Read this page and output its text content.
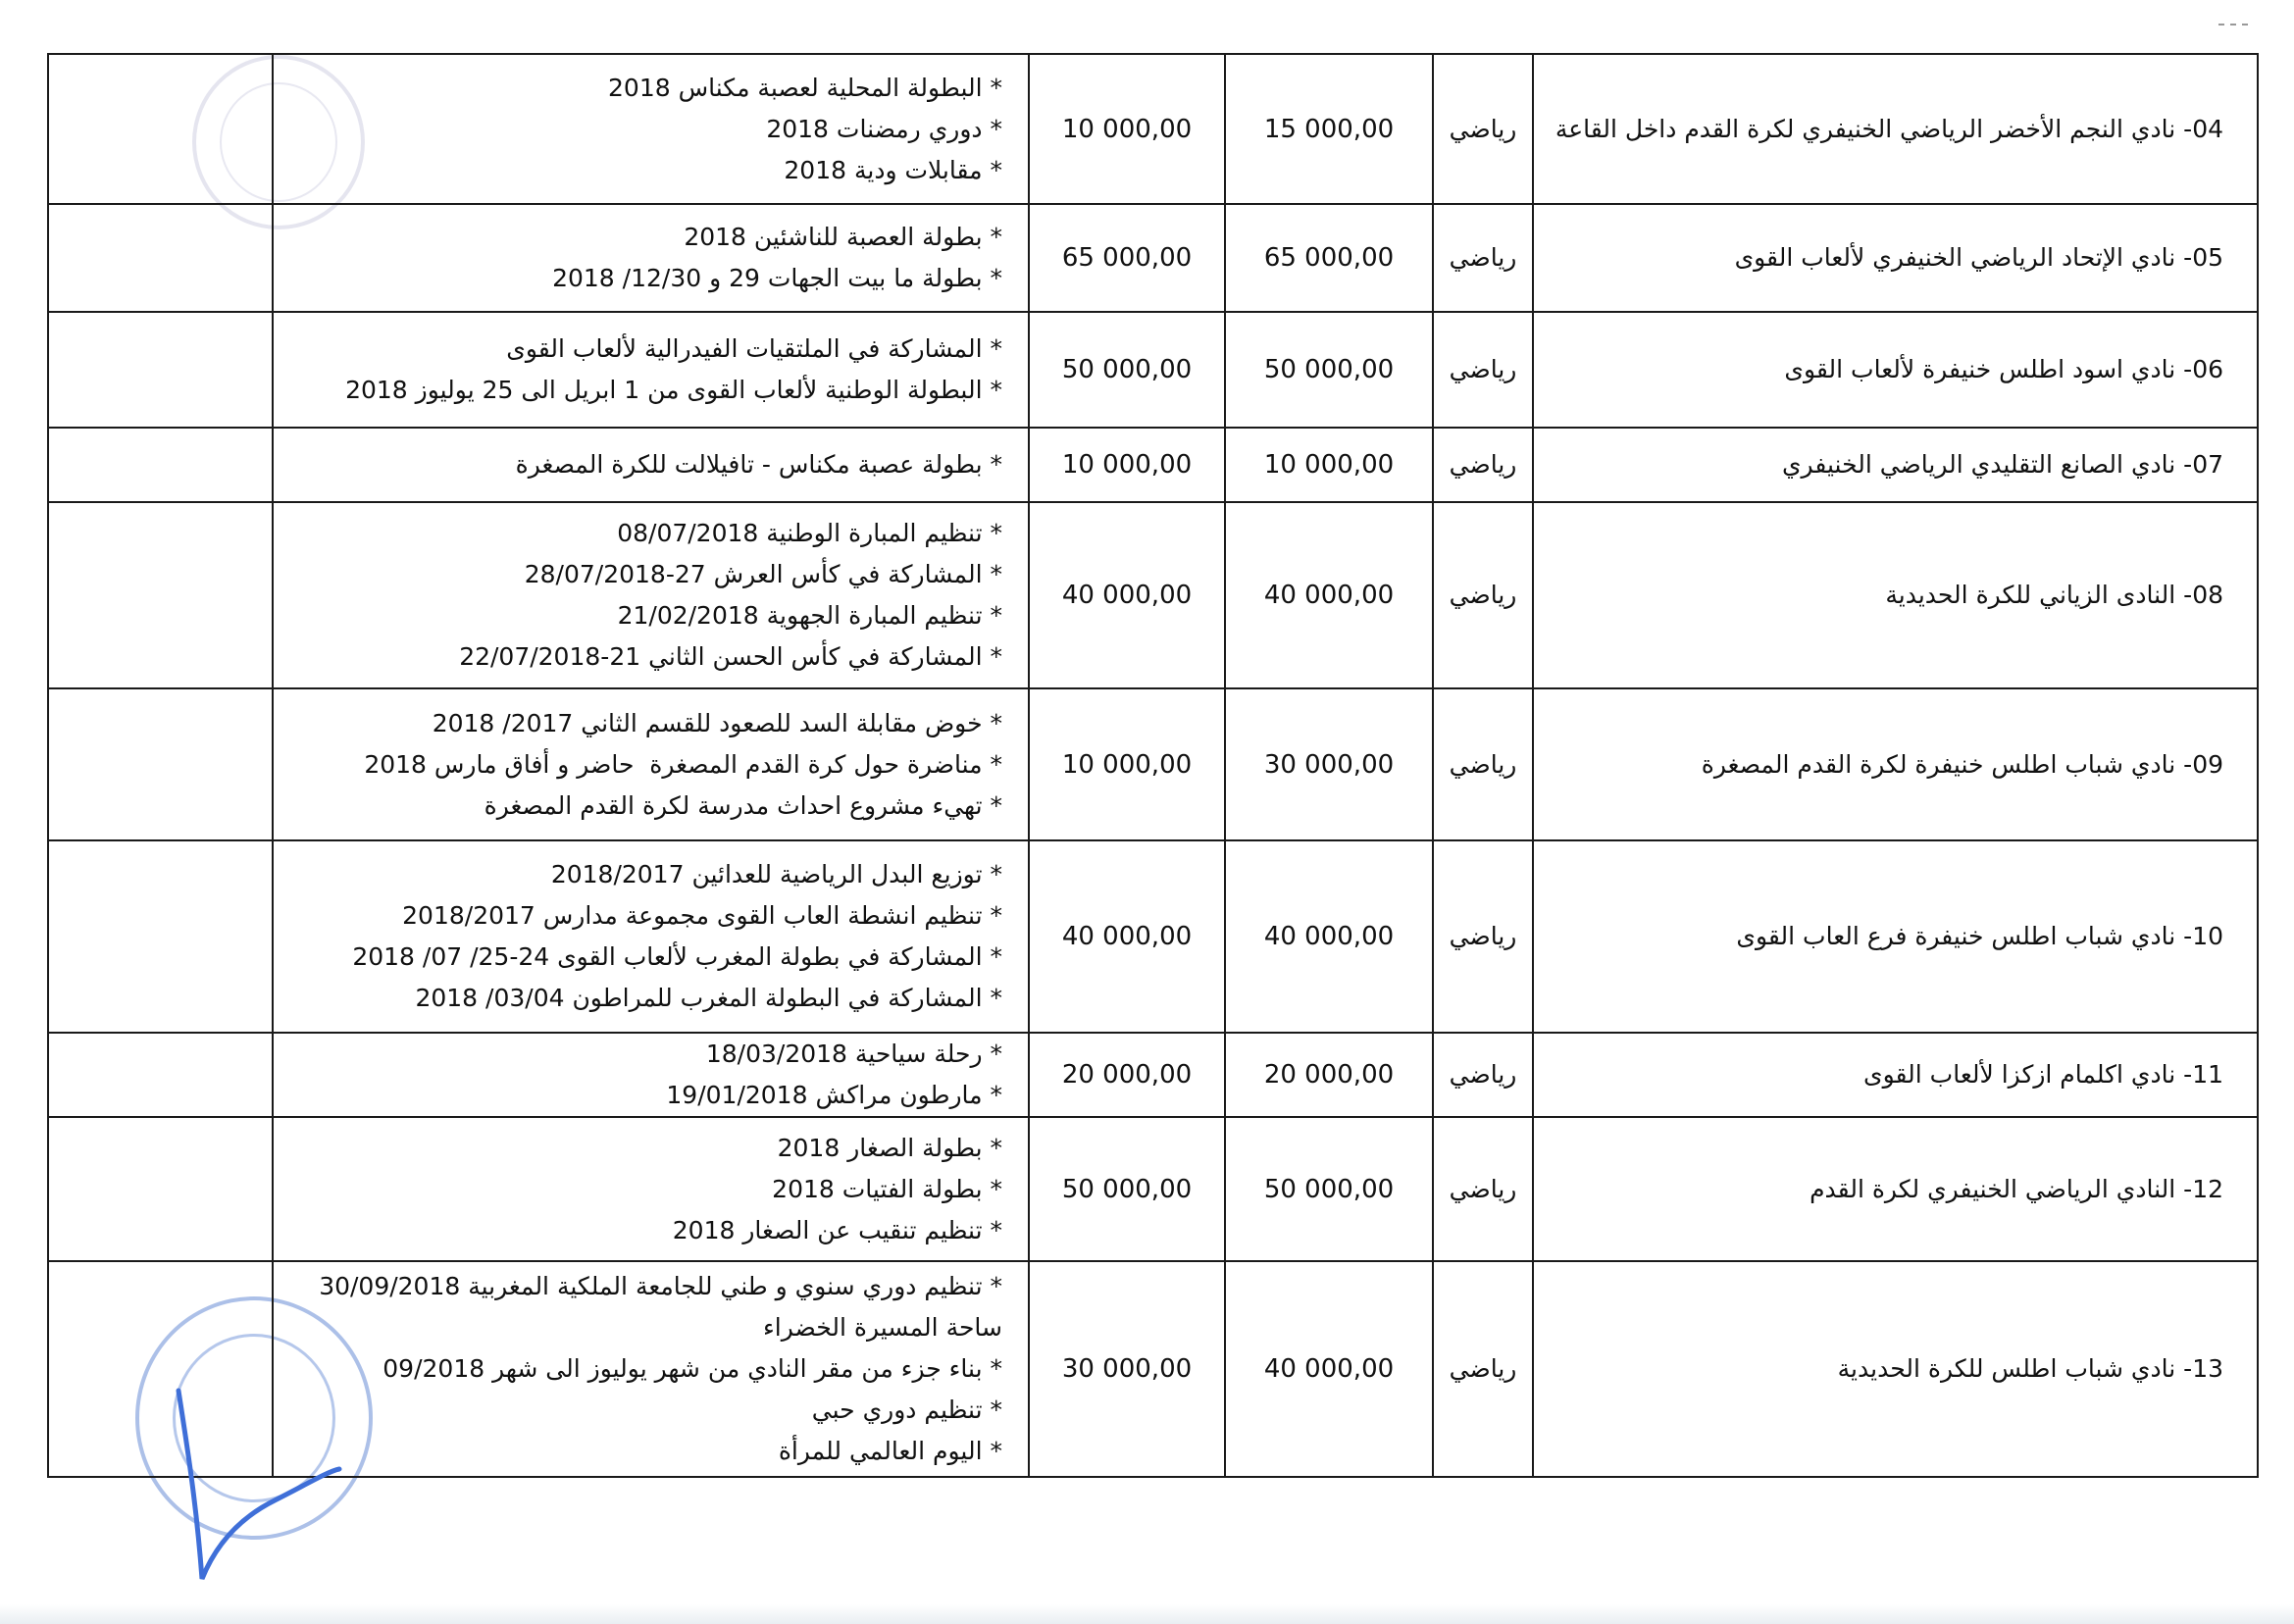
04- نادي النجم الأخضر الرياضي الخنيفري لكرة القدم داخل القاعة	رياضي	15 000,00	10 000,00	* البطولة المحلية لعصبة مكناس 2018
* دوري رمضنات 2018
* مقابلات ودية 2018	

05- نادي الإتحاد الرياضي الخنيفري لألعاب القوى	رياضي	65 000,00	65 000,00	* بطولة العصبة للناشئين 2018
* بطولة ما بيت الجهات 29 و 12/30/ 2018	

06- نادي اسود اطلس خنيفرة لألعاب القوى	رياضي	50 000,00	50 000,00	* المشاركة في الملتقيات الفيدرالية لألعاب القوى
* البطولة الوطنية لألعاب القوى من 1 ابريل الى 25 يوليوز 2018	

07- نادي الصانع التقليدي الرياضي الخنيفري	رياضي	10 000,00	10 000,00	* بطولة عصبة مكناس - تافيلالت للكرة المصغرة	

08- النادى الزياني للكرة الحديدية	رياضي	40 000,00	40 000,00	* تنظيم المبارة الوطنية 08/07/2018
* المشاركة في كأس العرش 27-28/07/2018
* تنظيم المبارة الجهوية 21/02/2018
* المشاركة في كأس الحسن الثاني 21-22/07/2018	

09- نادي شباب اطلس خنيفرة لكرة القدم المصغرة	رياضي	30 000,00	10 000,00	* خوض مقابلة السد للصعود للقسم الثاني 2017/ 2018
* مناضرة حول كرة القدم المصغرة  حاضر و أفاق مارس 2018
* تهيء مشروع احداث مدرسة لكرة القدم المصغرة	

10- نادي شباب اطلس خنيفرة فرع العاب القوى	رياضي	40 000,00	40 000,00	* توزيع البدل الرياضية للعدائين 2018/2017
* تنظيم انشطة العاب القوى مجموعة مدارس 2018/2017
* المشاركة في بطولة المغرب لألعاب القوى 24-25/ 07/ 2018
* المشاركة في البطولة المغرب للمراطون 03/04/ 2018	

11- نادي اكلمام ازكزا لألعاب القوى	رياضي	20 000,00	20 000,00	* رحلة سياحية 18/03/2018
* مارطون مراكش 19/01/2018	

12- النادي الرياضي الخنيفري لكرة القدم	رياضي	50 000,00	50 000,00	* بطولة الصغار 2018
* بطولة الفتيات 2018
* تنظيم تنقيب عن الصغار 2018	

13- نادي شباب اطلس للكرة الحديدية	رياضي	40 000,00	30 000,00	* تنظيم دوري سنوي و طني للجامعة الملكية المغربية 30/09/2018 ساحة المسيرة الخضراء
* بناء جزء من مقر النادي من شهر يوليوز الى شهر 09/2018
* تنظيم دوري حبي
* اليوم العالمي للمرأة	
